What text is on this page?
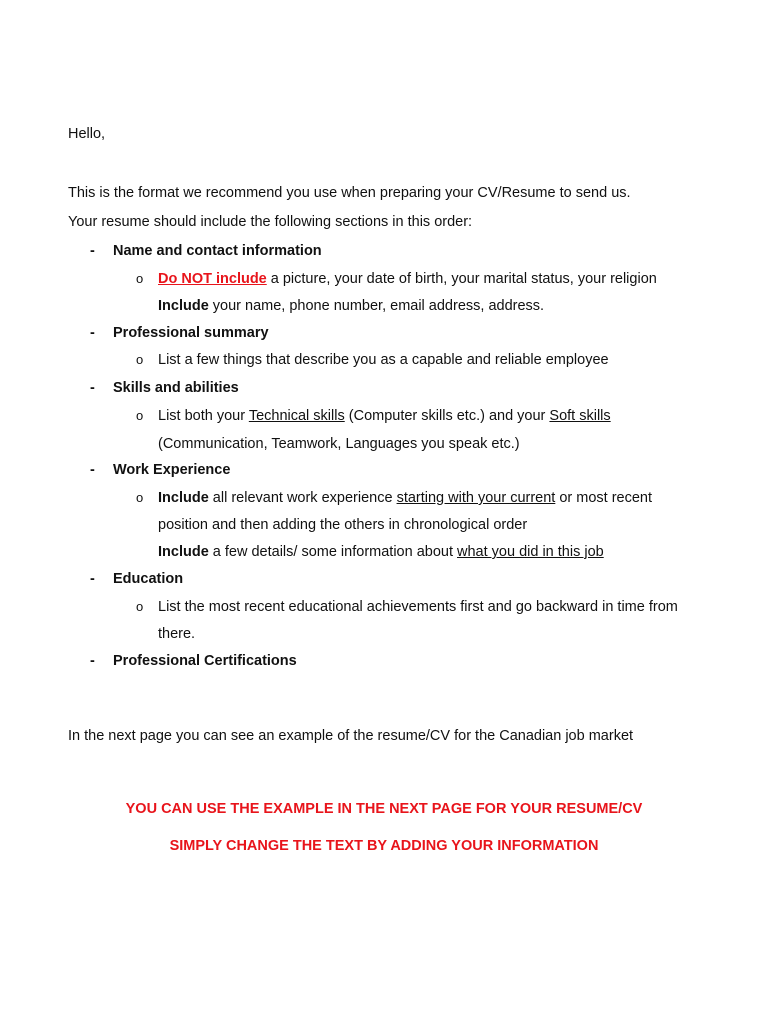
Hello,
This is the format we recommend you use when preparing your CV/Resume to send us.
Your resume should include the following sections in this order:
- Name and contact information
o Do NOT include a picture, your date of birth, your marital status, your religion
Include your name, phone number, email address, address.
- Professional summary
o List a few things that describe you as a capable and reliable employee
- Skills and abilities
o List both your Technical skills (Computer skills etc.) and your Soft skills
(Communication, Teamwork, Languages you speak etc.)
- Work Experience
o Include all relevant work experience starting with your current or most recent
position and then adding the others in chronological order
Include a few details/ some information about what you did in this job
- Education
o List the most recent educational achievements first and go backward in time from
there.
- Professional Certifications
In the next page you can see an example of the resume/CV for the Canadian job market
YOU CAN USE THE EXAMPLE IN THE NEXT PAGE FOR YOUR RESUME/CV
SIMPLY CHANGE THE TEXT BY ADDING YOUR INFORMATION
